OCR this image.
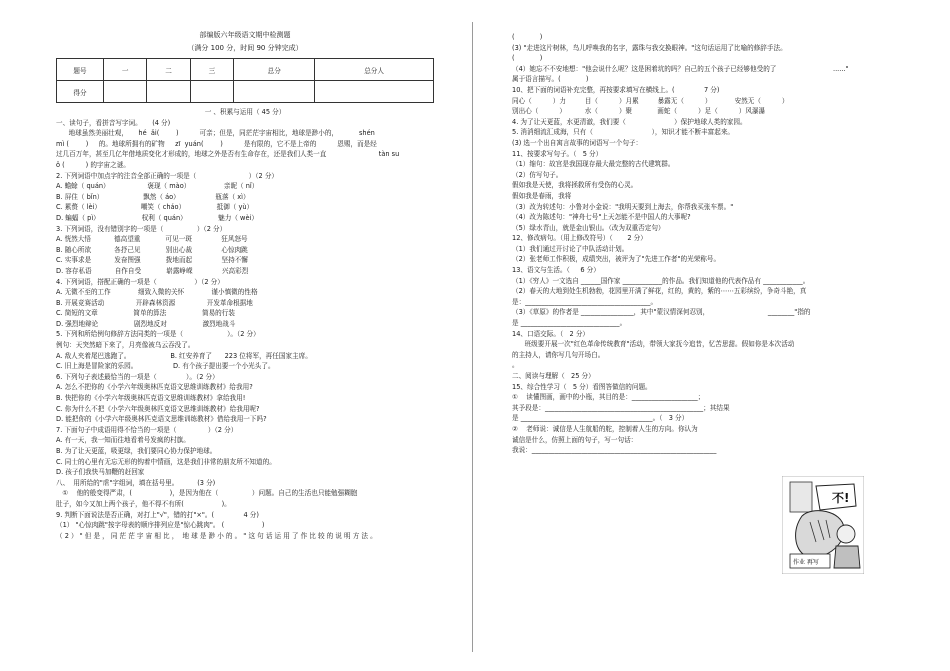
部编版六年级语文期中检测题
（满分 100 分，时间 90 分钟完成）
题号	一	二	三	总分	总分人
得分					
一 、积累与运用（ 45 分）
一、读句子，看拼音写字词。     (4 分)
地球虽然美丽壮观，     hé  ǎi(        )          可亲；但是，同茫茫宇宙相比，地球是渺小的，          shén
mì (        )     的。地球所拥有的矿物     zī  yuán(        )          是有限的，它不是上帝的          恩赐，而是经
过几百万年，甚至几亿年借地质变化才形成的，地球之外是否有生命存在，还是我们人类一直                         tàn su
ǒ (          ) 的宇宙之谜。
2. 下列词语中加点字的注音全部正确的一项是（                         ）（2 分）
A. 蟾蜍（ quán）                  褒现（ mào）                亲昵（ nǐ）
B. 屏住（ bǐn）                   飘然（ áo）                 瓶落（ xì）
C. 累赘（ lèi）                   嘲笑（ cháo）               抵御（ yù）
D. 蝙蝠（ pì）                    权利（ quán）               魅力（ wèi）
3. 下列词语，没有错别字的一项是（                ）（2 分）
A. 恍然大悟           德高望重            可见一斑              狂风怒号
B. 随心所欲           各抒己见            别出心裁              心惊肉跳
C. 实事求是           发奋图强            拨地而起              坚持不懈
D. 容存私语           自作自受            崭露峥嵘              兴高彩烈
4. 下列词语，搭配正确的一项是（                  ）（2 分）
A. 无微不至的工作             细致入微的关怀             谨小慎微的性格
B. 开展竞赛活动               开辟森林资源               开发革命根据地
C. 简短的文章                 简单的算法                 简易的行装
D. 强烈地辩论                 剧烈地反对                 激烈地战斗
5. 下列和所给例句修辞方法同类的一项是（                     ）。（2 分）
例句：天突然暗下来了，月亮像被乌云吞没了。
A. 敌人夹着尾巴逃跑了。                   B. 红安养育了      223 位将军，再任国家主席。
C. 旧上海是冒险家的乐园。                 D. 有个孩子提出要一个小光头了。
6. 下列句子表述最恰当的一项是（              ）。（2 分）
A. 怎么不把你的《小学六年级奥林匹克语文思维训练教材》给我用?
B. 快把你的《小学六年级奥林匹克语文思维训练教材》拿给我用!
C. 你为什么不把《小学六年级奥林匹克语文思维训练教材》给我用呢?
D. 能把你的《小学六年级奥林匹克语文思维训练教材》借给我用一下吗?
7. 下面句子中成语用得不恰当的一项是（               ）（2 分）
A. 有一天，我一知而往地看着号发疯的村旗。
B. 为了让天更蓝，吸更绿，我们要同心协力保护地球。
C. 同士的心里有无忘无形的钩着中情画，这是我们非常的朋友所不知道的。
D. 孩子们我快马加鞭的赶回家
八、  用所给的"虐"字组词，填在括号里。         (3 分)
①    他的般变得严肃，(                  )，是因为他在（                ）问题。自己的生活也只能勉强糊胞
肚子，如今又加上两个孩子，他不得不有所(                  )。
9. 判断下面说法是否正确，对打上"√"，错的打"×"。(              4 分)
（1） "心惊肉跳"按字母表的顺序排列应是"惊心跳肉"。 (                  )
（ 2 ） " 但 是 ， 同 茫 茫 宇 宙 相 比 ，  地 球 是 渺 小 的 。 " 这 句 话 运 用 了 作 比 较 的 说 明 方 法 。
(            )
(3) "走进这片树林，鸟儿呼唤我的名字，露珠与我交换眼神。"这句话运用了比喻的修辞手法。
(            )
（4）她忘不不安地想："他会说什么呢？这是困着坑的吗？自己的五个孩子已经够他受的了                           ......"
属于语言描写。(            )
10、把下面的词语补充完整，再按要求填写在横线上。(              7 分)
同心（          ）力         目（          ）月累         暴露无（          ）           安然无（          ）
别出心（          ）         水（          ）聚            画蛇（          ）足（          ）风瀑瀑
4. 为了让天更蓝，水更清澈，我们要（                       ）保护地球人类的家园。
5. 消消细流汇成海，只有（                            ），知识才能不断丰富起来。
(3) 选一个出自寓言故事的词语写一个句子：
11、按要求写句子。（   5 分）
（1）缩句：故宫是我国现存最大最完整的古代建筑群。
（2）仿写句子。
假如我是天使，我将拯救所有受伤的心灵。
假如我是春雨，我将
（3）改为转述句：小鲁对小金说："我明天要到上海去，你帮我买张车票。"
（4）改为陈述句："神舟七号"上天怎能不是中国人的大事呢?
（5）绿水青山，就是金山银山。（改为双重否定句）
12、修改病句。（用上修改符号）（       2 分）
（1）我们通过开讨论了中队活动计划。
（2）张老师工作积极，成绩突出，被评为了"先进工作者"的光荣称号。
13、语文与生活。（     6 分）
（1）《穷人》一文选自 ______国作家 ____________的作品。我们知道他的代表作品有 ____________。
（2）春天的大地到处生机勃勃，花园里开满了鲜花，红的，黄的，紫的⋯⋯五彩缤纷，争奇斗艳，真
是：______________________________________。
（3）《草原》的作者是 ________________，其中"蒙汉情深何忍别，                            ________"指的
是 ______________________________。
14、口语交际。（   2 分）
班级要开展一次"红色革命传统教育"活动，带领大家抚今追昔，忆苦思甜。假如你是本次活动
的主持人，请你写几句开场白。
。
二、阅读与理解（   25 分）
15、综合性学习（   5 分）看图答做信的问题。
①    读懂图画，画中的小瓶，其目的是：____________________；
其予段是：________________________________________________；其结果
是 ________________________________________。（   3 分）
②    老师说：诚信是人生航船的舵，控制着人生的方向。你认为
诚信是什么，仿照上面的句子，写一句话：
我说：________________________________________________________
不!
作业 再写
